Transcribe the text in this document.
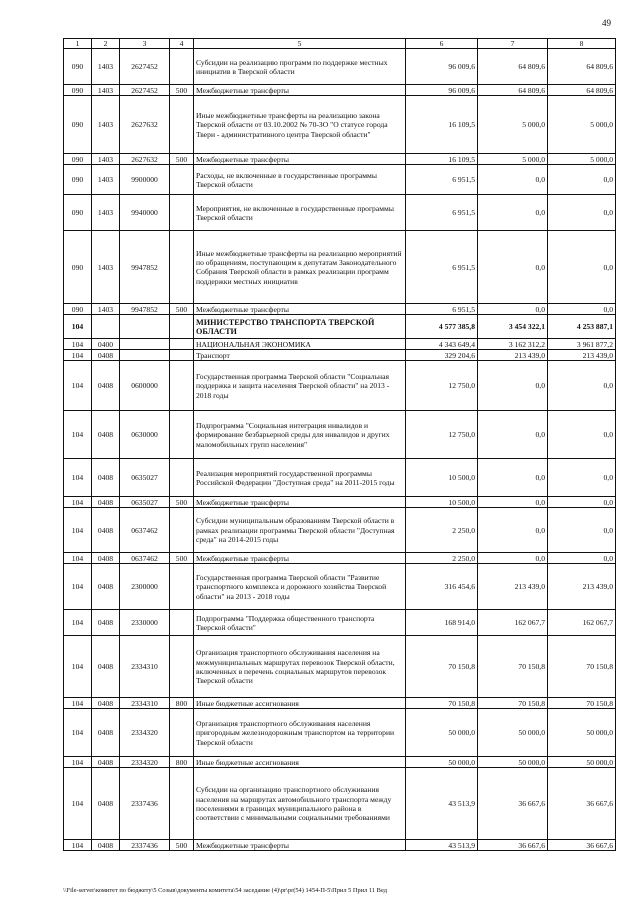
49
1	2	3	4	5	6	7	8
090	1403	2627452		Субсидии на реализацию программ по поддержке местных инициатив в Тверской области	96 009,6	64 809,6	64 809,6
090	1403	2627452	500	Межбюджетные трансферты	96 009,6	64 809,6	64 809,6
090	1403	2627632		Иные межбюджетные трансферты на реализацию закона Тверской области от 03.10.2002 № 70-ЗО "О статусе города Твери - административного центра Тверской области"	16 109,5	5 000,0	5 000,0
090	1403	2627632	500	Межбюджетные трансферты	16 109,5	5 000,0	5 000,0
090	1403	9900000		Расходы, не включенные в государственные программы Тверской области	6 951,5	0,0	0,0
090	1403	9940000		Мероприятия, не включенные в государственные программы Тверской области	6 951,5	0,0	0,0
090	1403	9947852		Иные межбюджетные трансферты на реализацию мероприятий по обращениям, поступающим к депутатам Законодательного Собрания Тверской области в рамках реализации программ поддержки местных инициатив	6 951,5	0,0	0,0
090	1403	9947852	500	Межбюджетные трансферты	6 951,5	0,0	0,0
104				МИНИСТЕРСТВО ТРАНСПОРТА ТВЕРСКОЙ ОБЛАСТИ	4 577 385,8	3 454 322,1	4 253 887,1
104	0400			НАЦИОНАЛЬНАЯ ЭКОНОМИКА	4 343 649,4	3 162 312,2	3 961 877,2
104	0408			Транспорт	329 204,6	213 439,0	213 439,0
104	0408	0600000		Государственная программа Тверской области "Социальная поддержка и защита населения Тверской области" на 2013 - 2018 годы	12 750,0	0,0	0,0
104	0408	0630000		Подпрограмма "Социальная интеграция инвалидов и формирование безбарьерной среды для инвалидов и других маломобильных групп населения"	12 750,0	0,0	0,0
104	0408	0635027		Реализация мероприятий государственной программы Российской Федерации "Доступная среда" на 2011-2015 годы	10 500,0	0,0	0,0
104	0408	0635027	500	Межбюджетные трансферты	10 500,0	0,0	0,0
104	0408	0637462		Субсидии муниципальным образованиям Тверской области в рамках реализации программы Тверской области "Доступная среда" на 2014-2015 годы	2 250,0	0,0	0,0
104	0408	0637462	500	Межбюджетные трансферты	2 250,0	0,0	0,0
104	0408	2300000		Государственная программа Тверской области "Развитие транспортного комплекса и дорожного хозяйства Тверской области" на 2013 - 2018 годы	316 454,6	213 439,0	213 439,0
104	0408	2330000		Подпрограмма "Поддержка общественного транспорта Тверской области"	168 914,0	162 067,7	162 067,7
104	0408	2334310		Организация транспортного обслуживания населения на межмуниципальных маршрутах перевозок Тверской области, включенных в перечень социальных маршрутов перевозок Тверской области	70 150,8	70 150,8	70 150,8
104	0408	2334310	800	Иные бюджетные ассигнования	70 150,8	70 150,8	70 150,8
104	0408	2334320		Организация транспортного обслуживания населения пригородным железнодорожным транспортом на территории Тверской области	50 000,0	50 000,0	50 000,0
104	0408	2334320	800	Иные бюджетные ассигнования	50 000,0	50 000,0	50 000,0
104	0408	2337436		Субсидии на организацию транспортного обслуживания населения на маршрутах автомобильного транспорта между поселениями в границах муниципального района в соответствии с минимальными социальными требованиями	43 513,9	36 667,6	36 667,6
104	0408	2337436	500	Межбюджетные трансферты	43 513,9	36 667,6	36 667,6
\\File-server\комитет по бюджету\5 Созыв\документы комитета\54 заседание (4)\pr\pr(54) 1454-П-5\Прил 5 Прил 11 Вед
